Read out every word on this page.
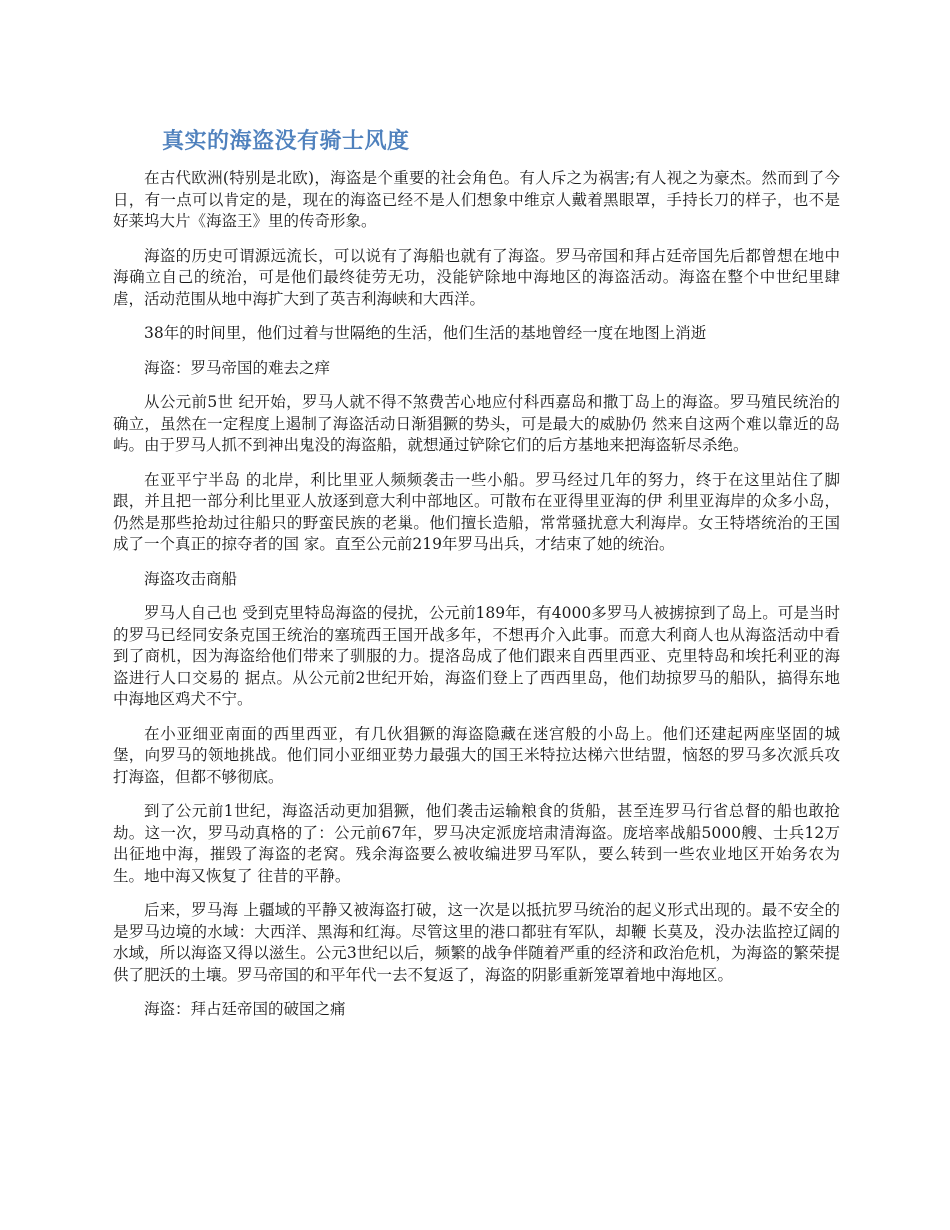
真实的海盗没有骑士风度

在古代欧洲(特别是北欧)，海盗是个重要的社会角色。有人斥之为祸害;有人视之为豪杰。然而到了今日，有一点可以肯定的是，现在的海盗已经不是人们想象中维京人戴着黑眼罩，手持长刀的样子，也不是好莱坞大片《海盗王》里的传奇形象。

海盗的历史可谓源远流长，可以说有了海船也就有了海盗。罗马帝国和拜占廷帝国先后都曾想在地中海确立自己的统治，可是他们最终徒劳无功，没能铲除地中海地区的海盗活动。海盗在整个中世纪里肆虐，活动范围从地中海扩大到了英吉利海峡和大西洋。

38年的时间里，他们过着与世隔绝的生活，他们生活的基地曾经一度在地图上消逝

海盗：罗马帝国的难去之痒

从公元前5世 纪开始，罗马人就不得不煞费苦心地应付科西嘉岛和撒丁岛上的海盗。罗马殖民统治的确立，虽然在一定程度上遏制了海盗活动日渐猖獗的势头，可是最大的威胁仍 然来自这两个难以靠近的岛屿。由于罗马人抓不到神出鬼没的海盗船，就想通过铲除它们的后方基地来把海盗斩尽杀绝。

在亚平宁半岛 的北岸，利比里亚人频频袭击一些小船。罗马经过几年的努力，终于在这里站住了脚跟，并且把一部分利比里亚人放逐到意大利中部地区。可散布在亚得里亚海的伊 利里亚海岸的众多小岛，仍然是那些抢劫过往船只的野蛮民族的老巢。他们擅长造船，常常骚扰意大利海岸。女王特塔统治的王国成了一个真正的掠夺者的国 家。直至公元前219年罗马出兵，才结束了她的统治。

海盗攻击商船

罗马人自己也 受到克里特岛海盗的侵扰，公元前189年，有4000多罗马人被掳掠到了岛上。可是当时的罗马已经同安条克国王统治的塞琉西王国开战多年，不想再介入此事。而意大利商人也从海盗活动中看到了商机，因为海盗给他们带来了驯服的力。提洛岛成了他们跟来自西里西亚、克里特岛和埃托利亚的海盗进行人口交易的 据点。从公元前2世纪开始，海盗们登上了西西里岛，他们劫掠罗马的船队，搞得东地中海地区鸡犬不宁。

在小亚细亚南面的西里西亚，有几伙猖獗的海盗隐藏在迷宫般的小岛上。他们还建起两座坚固的城堡，向罗马的领地挑战。他们同小亚细亚势力最强大的国王米特拉达梯六世结盟，恼怒的罗马多次派兵攻打海盗，但都不够彻底。

到了公元前1世纪，海盗活动更加猖獗，他们袭击运输粮食的货船，甚至连罗马行省总督的船也敢抢劫。这一次，罗马动真格的了：公元前67年，罗马决定派庞培肃清海盗。庞培率战船5000艘、士兵12万出征地中海，摧毁了海盗的老窝。残余海盗要么被收编进罗马军队，要么转到一些农业地区开始务农为生。地中海又恢复了 往昔的平静。

后来，罗马海 上疆域的平静又被海盗打破，这一次是以抵抗罗马统治的起义形式出现的。最不安全的是罗马边境的水域：大西洋、黑海和红海。尽管这里的港口都驻有军队，却鞭 长莫及，没办法监控辽阔的水域，所以海盗又得以滋生。公元3世纪以后，频繁的战争伴随着严重的经济和政治危机，为海盗的繁荣提供了肥沃的土壤。罗马帝国的和平年代一去不复返了，海盗的阴影重新笼罩着地中海地区。

海盗：拜占廷帝国的破国之痛
